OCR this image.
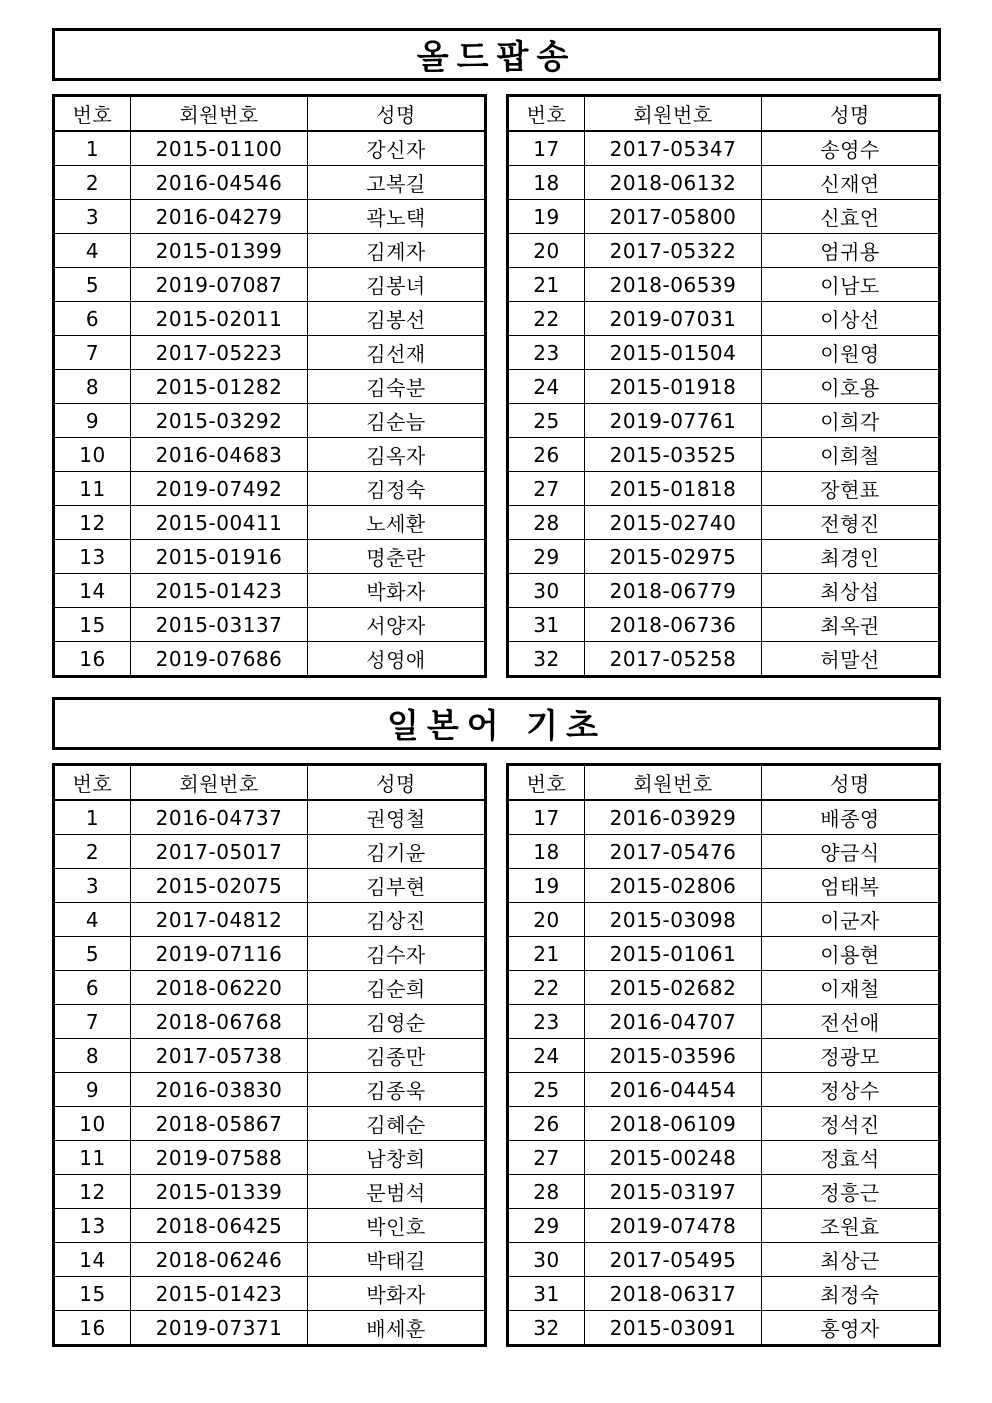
올드팝송
번호	회원번호	성명
1	2015-01100	강신자
2	2016-04546	고복길
3	2016-04279	곽노택
4	2015-01399	김계자
5	2019-07087	김봉녀
6	2015-02011	김봉선
7	2017-05223	김선재
8	2015-01282	김숙분
9	2015-03292	김순늠
10	2016-04683	김옥자
11	2019-07492	김정숙
12	2015-00411	노세환
13	2015-01916	명춘란
14	2015-01423	박화자
15	2015-03137	서양자
16	2019-07686	성영애
번호	회원번호	성명
17	2017-05347	송영수
18	2018-06132	신재연
19	2017-05800	신효언
20	2017-05322	엄귀용
21	2018-06539	이남도
22	2019-07031	이상선
23	2015-01504	이원영
24	2015-01918	이호용
25	2019-07761	이희각
26	2015-03525	이희철
27	2015-01818	장현표
28	2015-02740	전형진
29	2015-02975	최경인
30	2018-06779	최상섭
31	2018-06736	최옥권
32	2017-05258	허말선
일본어 기초
번호	회원번호	성명
1	2016-04737	권영철
2	2017-05017	김기윤
3	2015-02075	김부현
4	2017-04812	김상진
5	2019-07116	김수자
6	2018-06220	김순희
7	2018-06768	김영순
8	2017-05738	김종만
9	2016-03830	김종욱
10	2018-05867	김혜순
11	2019-07588	남창희
12	2015-01339	문범석
13	2018-06425	박인호
14	2018-06246	박태길
15	2015-01423	박화자
16	2019-07371	배세훈
번호	회원번호	성명
17	2016-03929	배종영
18	2017-05476	양금식
19	2015-02806	엄태복
20	2015-03098	이군자
21	2015-01061	이용현
22	2015-02682	이재철
23	2016-04707	전선애
24	2015-03596	정광모
25	2016-04454	정상수
26	2018-06109	정석진
27	2015-00248	정효석
28	2015-03197	정흥근
29	2019-07478	조원효
30	2017-05495	최상근
31	2018-06317	최정숙
32	2015-03091	홍영자
